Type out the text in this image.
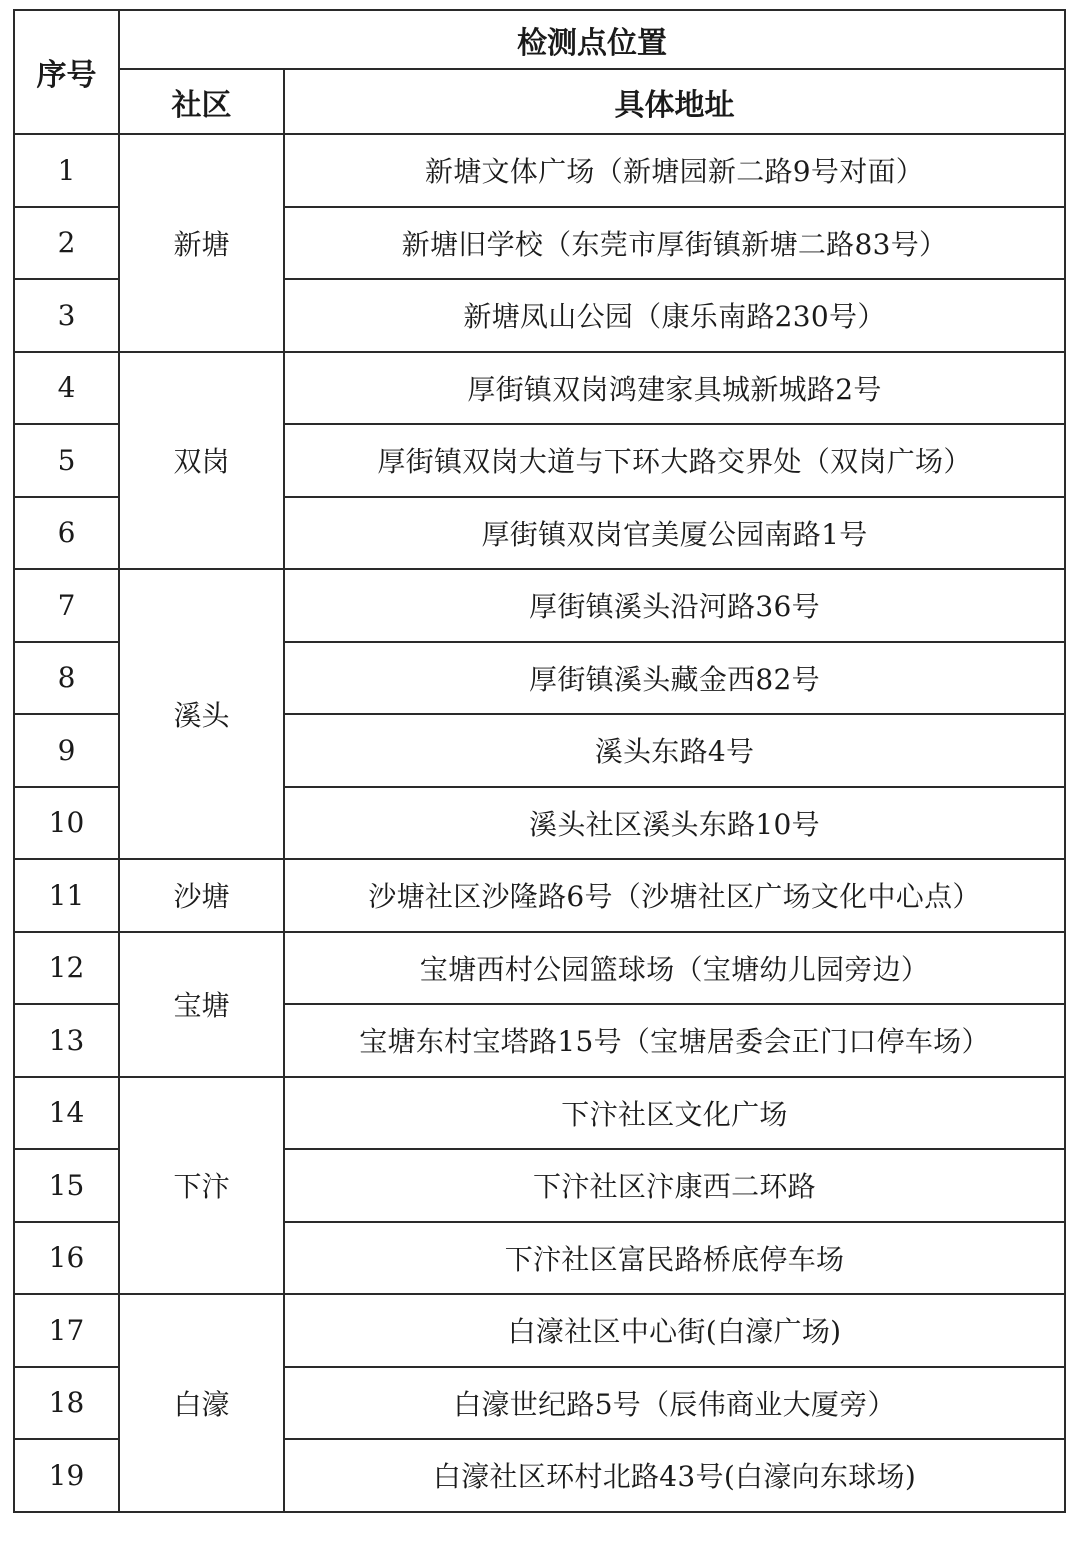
序号	检测点位置	
	社区	具体地址
1	新塘	新塘文体广场（新塘园新二路9号对面）
2		新塘旧学校（东莞市厚街镇新塘二路83号）
3		新塘凤山公园（康乐南路230号）
4	双岗	厚街镇双岗鸿建家具城新城路2号
5		厚街镇双岗大道与下环大路交界处（双岗广场）
6		厚街镇双岗官美厦公园南路1号
7	溪头	厚街镇溪头沿河路36号
8		厚街镇溪头藏金西82号
9		溪头东路4号
10		溪头社区溪头东路10号
11	沙塘	沙塘社区沙隆路6号（沙塘社区广场文化中心点）
12	宝塘	宝塘西村公园篮球场（宝塘幼儿园旁边）
13		宝塘东村宝塔路15号（宝塘居委会正门口停车场）
14	下汴	下汴社区文化广场
15		下汴社区汴康西二环路
16		下汴社区富民路桥底停车场
17	白濠	白濠社区中心街(白濠广场)
18		白濠世纪路5号（辰伟商业大厦旁）
19		白濠社区环村北路43号(白濠向东球场)
